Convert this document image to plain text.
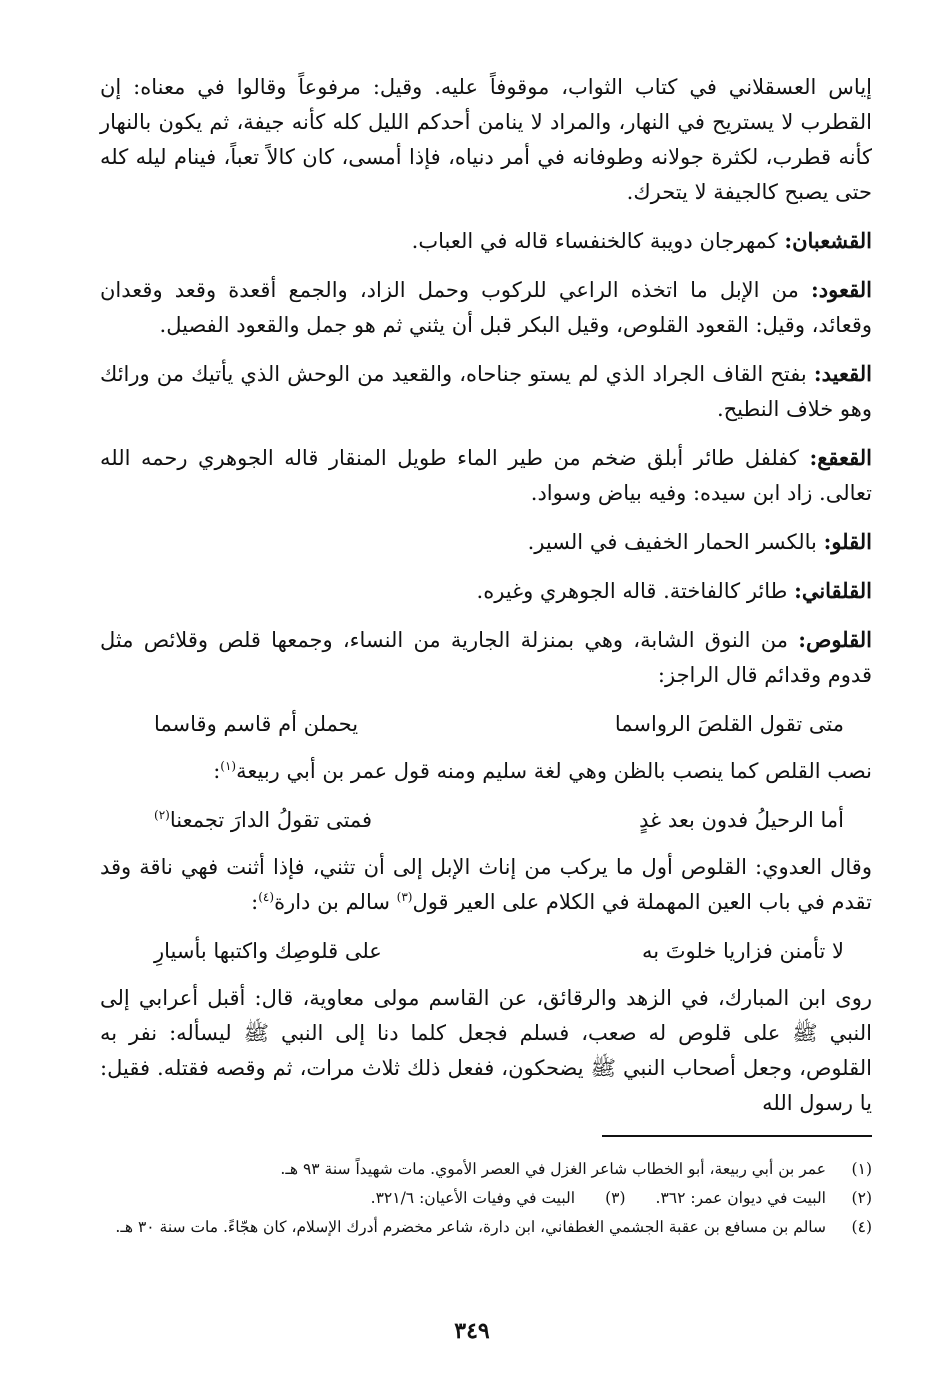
إياس العسقلاني في كتاب الثواب، موقوفاً عليه. وقيل: مرفوعاً وقالوا في معناه: إن القطرب لا يستريح في النهار، والمراد لا ينامن أحدكم الليل كله كأنه جيفة، ثم يكون بالنهار كأنه قطرب، لكثرة جولانه وطوفانه في أمر دنياه، فإذا أمسى، كان كالاً تعباً، فينام ليله كله حتى يصبح كالجيفة لا يتحرك.

القشعبان: كمهرجان دويبة كالخنفساء قاله في العباب.

القعود: من الإبل ما اتخذه الراعي للركوب وحمل الزاد، والجمع أقعدة وقعد وقعدان وقعائد، وقيل: القعود القلوص، وقيل البكر قبل أن يثني ثم هو جمل والقعود الفصيل.

القعيد: بفتح القاف الجراد الذي لم يستو جناحاه، والقعيد من الوحش الذي يأتيك من ورائك وهو خلاف النطيح.

القعقع: كفلفل طائر أبلق ضخم من طير الماء طويل المنقار قاله الجوهري رحمه الله تعالى. زاد ابن سيده: وفيه بياض وسواد.

القلو: بالكسر الحمار الخفيف في السير.

القلقاني: طائر كالفاختة. قاله الجوهري وغيره.

القلوص: من النوق الشابة، وهي بمنزلة الجارية من النساء، وجمعها قلص وقلائص مثل قدوم وقدائم قال الراجز:

متى تقول القلصَ الرواسما
يحملن أم قاسم وقاسما

نصب القلص كما ينصب بالظن وهي لغة سليم ومنه قول عمر بن أبي ربيعة$^{(١)}$:

أما الرحيلُ فدون بعد غدٍ
فمتى تقولُ الدارَ تجمعنا$^{(٢)}$

وقال العدوي: القلوص أول ما يركب من إناث الإبل إلى أن تثني، فإذا أثنت فهي ناقة وقد تقدم في باب العين المهملة في الكلام على العير قول$^{(٣)}$ سالم بن دارة$^{(٤)}$:

لا تأمنن فزاريا خلوتَ به
على قلوصِك واكتبها بأسيارِ

روى ابن المبارك، في الزهد والرقائق، عن القاسم مولى معاوية، قال: أقبل أعرابي إلى النبي ﷺ على قلوص له صعب، فسلم فجعل كلما دنا إلى النبي ﷺ ليسأله: نفر به القلوص، وجعل أصحاب النبي ﷺ يضحكون، ففعل ذلك ثلاث مرات، ثم وقصه فقتله. فقيل: يا رسول الله

(١)
عمر بن أبي ربيعة، أبو الخطاب شاعر الغزل في العصر الأموي. مات شهيداً سنة ٩٣ هـ.
(٢)
البيت في ديوان عمر: ٣٦٢.(٣)البيت في وفيات الأعيان: ٣٢١/٦.
(٤)
سالم بن مسافع بن عقبة الجشمي الغطفاني، ابن دارة، شاعر مخضرم أدرك الإسلام، كان هجّاءً. مات سنة ٣٠ هـ.
٣٤٩
